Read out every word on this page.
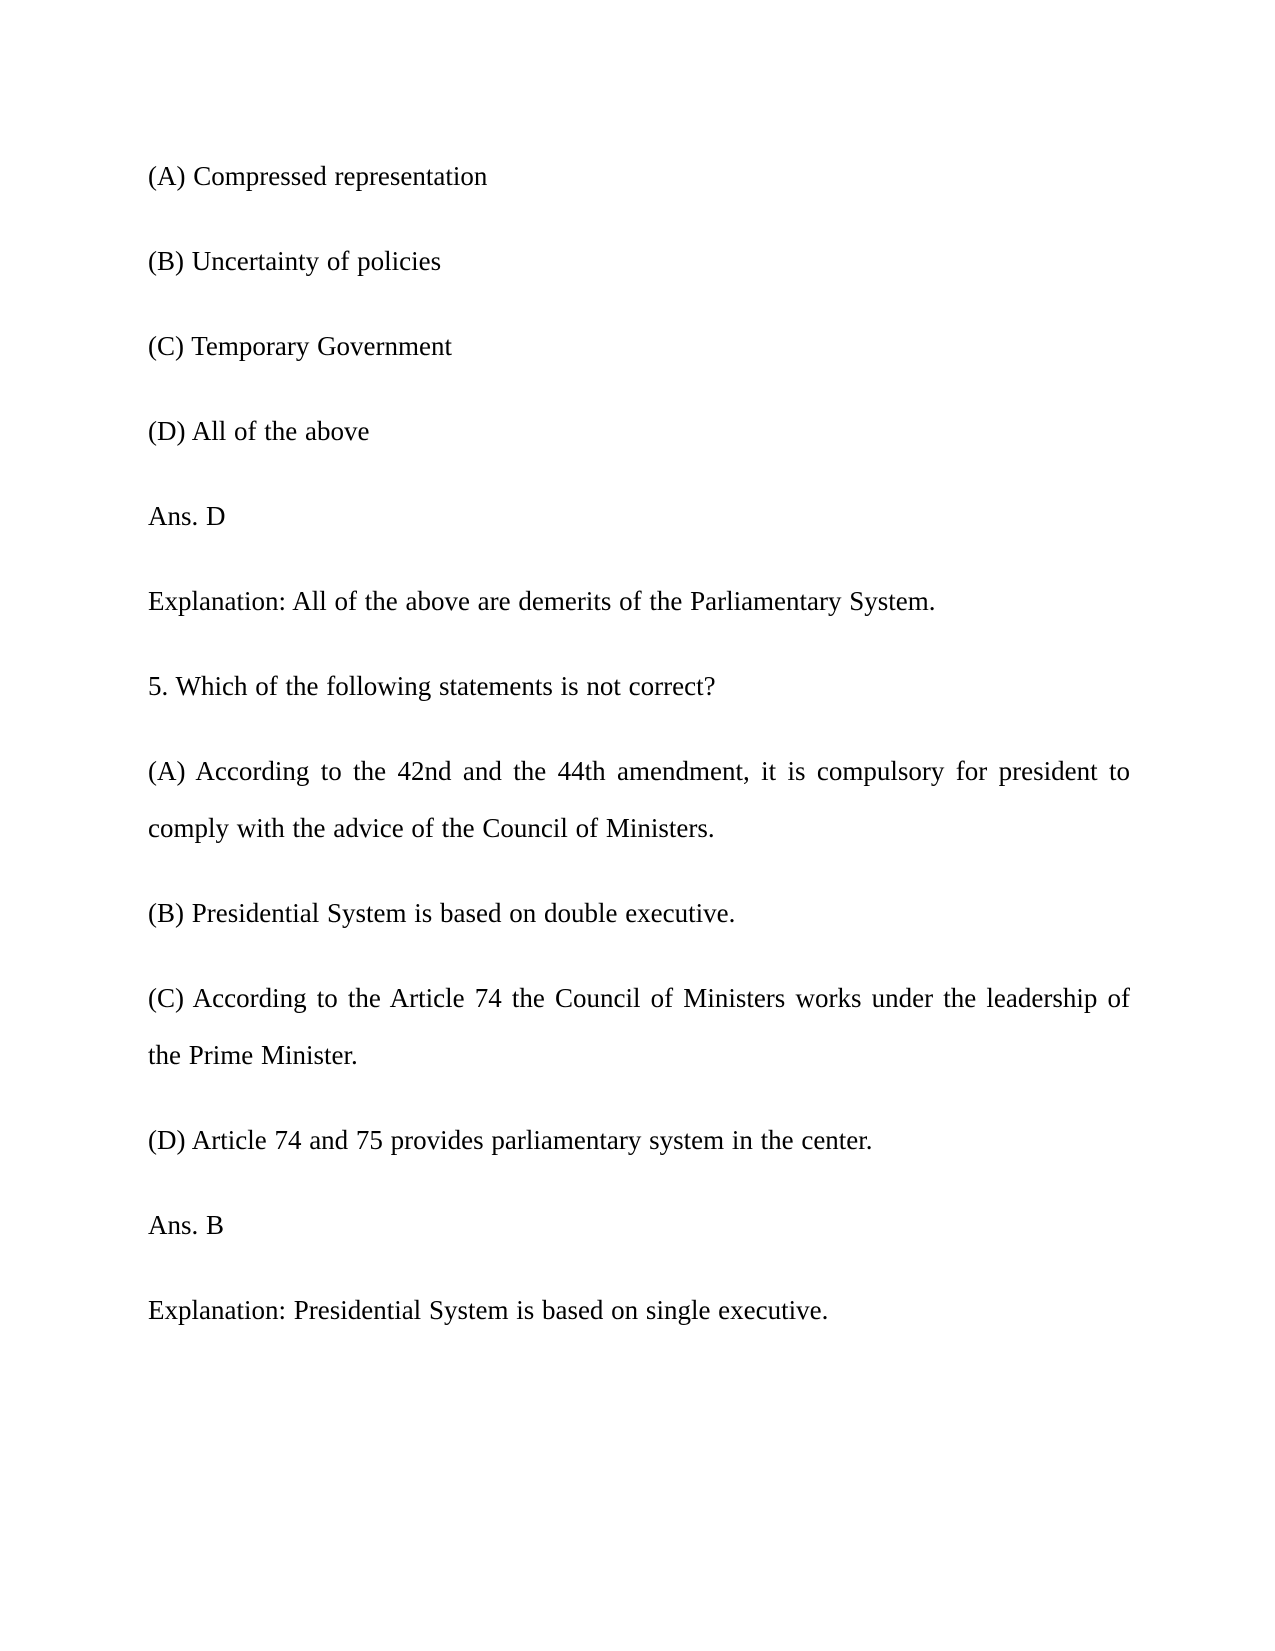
(A) Compressed representation

(B) Uncertainty of policies

(C) Temporary Government

(D) All of the above

Ans. D

Explanation: All of the above are demerits of the Parliamentary System.

5. Which of the following statements is not correct?

(A) According to the 42nd and the 44th amendment, it is compulsory for president to comply with the advice of the Council of Ministers.

(B) Presidential System is based on double executive.

(C) According to the Article 74 the Council of Ministers works under the leadership of the Prime Minister.

(D) Article 74 and 75 provides parliamentary system in the center.

Ans. B

Explanation: Presidential System is based on single executive.
